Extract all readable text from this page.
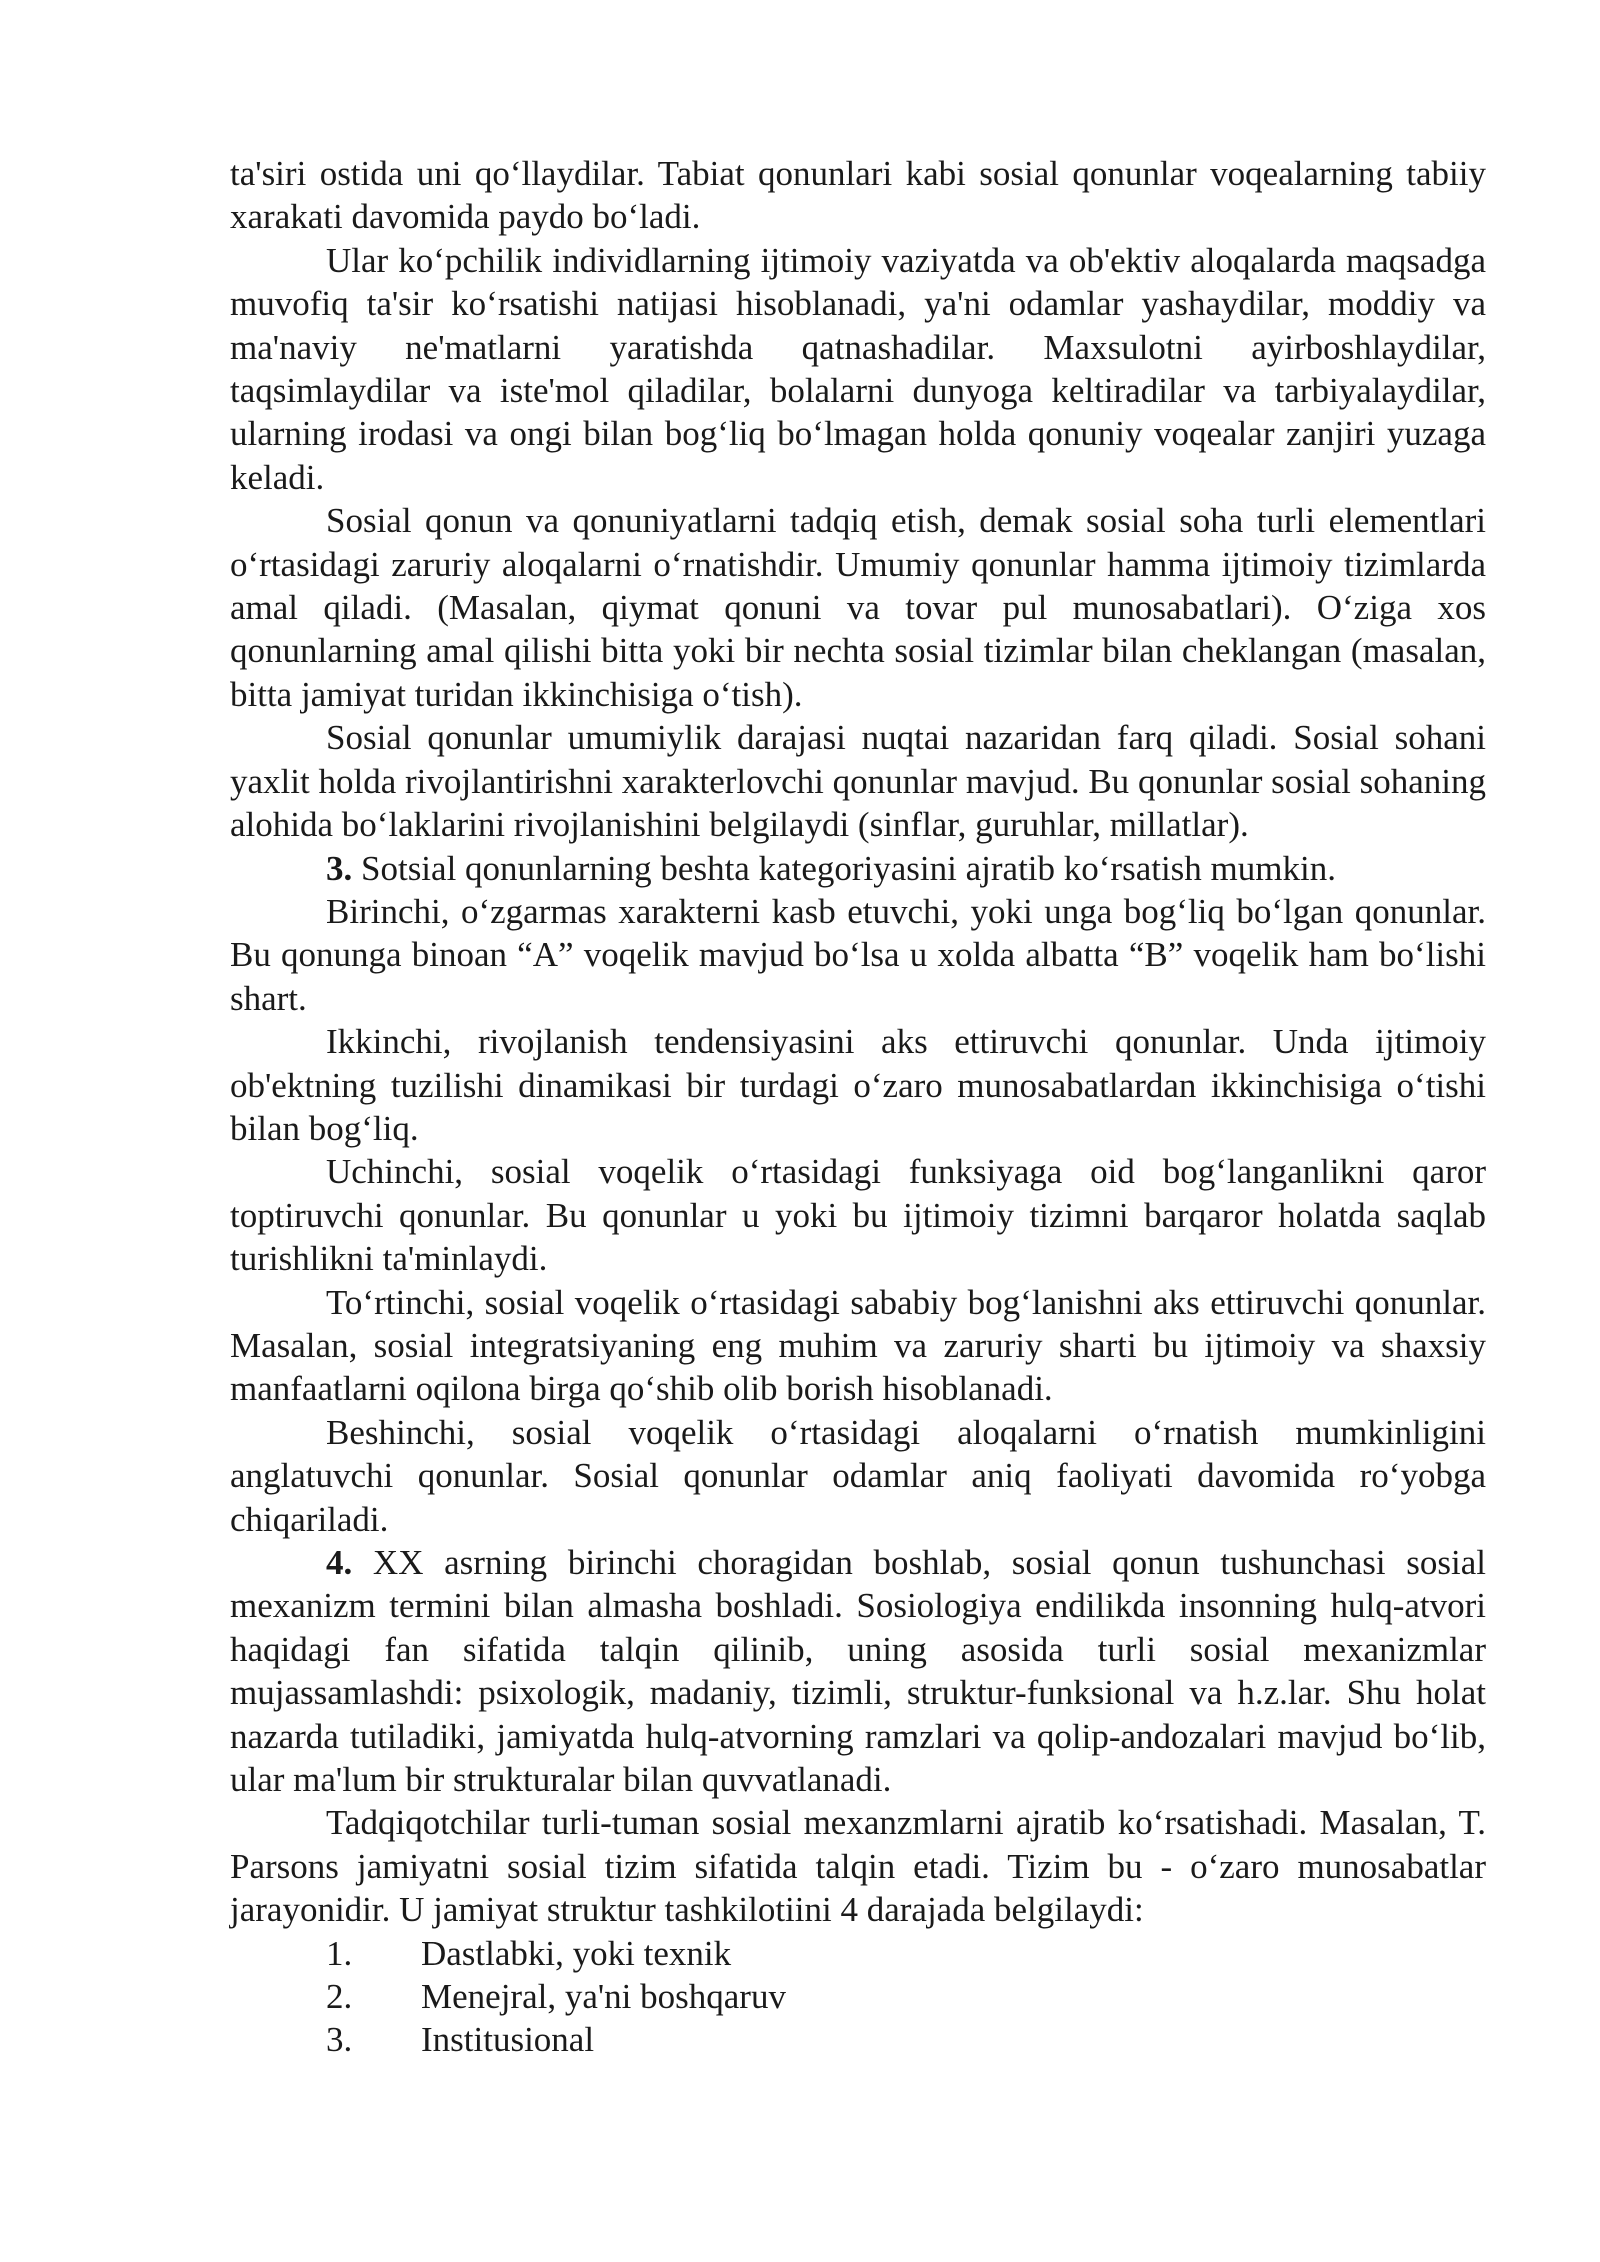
ta'siri ostida uni qo‘llaydilar. Tabiat qonunlari kabi sosial qonunlar voqealarning tabiiy xarakati davomida paydo bo‘ladi.

Ular ko‘pchilik individlarning ijtimoiy vaziyatda va ob'ektiv aloqalarda maqsadga muvofiq ta'sir ko‘rsatishi natijasi hisoblanadi, ya'ni odamlar yashaydilar, moddiy va ma'naviy ne'matlarni yaratishda qatnashadilar. Maxsulotni ayirboshlaydilar, taqsimlaydilar va iste'mol qiladilar, bolalarni dunyoga keltiradilar va tarbiyalaydilar, ularning irodasi va ongi bilan bog‘liq bo‘lmagan holda qonuniy voqealar zanjiri yuzaga keladi.

Sosial qonun va qonuniyatlarni tadqiq etish, demak sosial soha turli elementlari o‘rtasidagi zaruriy aloqalarni o‘rnatishdir. Umumiy qonunlar hamma ijtimoiy tizimlarda amal qiladi. (Masalan, qiymat qonuni va tovar pul munosabatlari). O‘ziga xos qonunlarning amal qilishi bitta yoki bir nechta sosial tizimlar bilan cheklangan (masalan, bitta jamiyat turidan ikkinchisiga o‘tish).

Sosial qonunlar umumiylik darajasi nuqtai nazaridan farq qiladi. Sosial sohani yaxlit holda rivojlantirishni xarakterlovchi qonunlar mavjud. Bu qonunlar sosial sohaning alohida bo‘laklarini rivojlanishini belgilaydi (sinflar, guruhlar, millatlar).

3. Sotsial qonunlarning beshta kategoriyasini ajratib ko‘rsatish mumkin.

Birinchi, o‘zgarmas xarakterni kasb etuvchi, yoki unga bog‘liq bo‘lgan qonunlar. Bu qonunga binoan “A” voqelik mavjud bo‘lsa u xolda albatta “B” voqelik ham bo‘lishi shart.

Ikkinchi, rivojlanish tendensiyasini aks ettiruvchi qonunlar. Unda ijtimoiy ob'ektning tuzilishi dinamikasi bir turdagi o‘zaro munosabatlardan ikkinchisiga o‘tishi bilan bog‘liq.

Uchinchi, sosial voqelik o‘rtasidagi funksiyaga oid bog‘langanlikni qaror toptiruvchi qonunlar. Bu qonunlar u yoki bu ijtimoiy tizimni barqaror holatda saqlab turishlikni ta'minlaydi.

To‘rtinchi, sosial voqelik o‘rtasidagi sababiy bog‘lanishni aks ettiruvchi qonunlar. Masalan, sosial integratsiyaning eng muhim va zaruriy sharti bu ijtimoiy va shaxsiy manfaatlarni oqilona birga qo‘shib olib borish hisoblanadi.

Beshinchi, sosial voqelik o‘rtasidagi aloqalarni o‘rnatish mumkinligini anglatuvchi qonunlar. Sosial qonunlar odamlar aniq faoliyati davomida ro‘yobga chiqariladi.

4. XX asrning birinchi choragidan boshlab, sosial qonun tushunchasi sosial mexanizm termini bilan almasha boshladi. Sosiologiya endilikda insonning hulq-atvori haqidagi fan sifatida talqin qilinib, uning asosida turli sosial mexanizmlar mujassamlashdi: psixologik, madaniy, tizimli, struktur-funksional va h.z.lar. Shu holat nazarda tutiladiki, jamiyatda hulq-atvorning ramzlari va qolip-andozalari mavjud bo‘lib, ular ma'lum bir strukturalar bilan quvvatlanadi.

Tadqiqotchilar turli-tuman sosial mexanzmlarni ajratib ko‘rsatishadi. Masalan, T. Parsons jamiyatni sosial tizim sifatida talqin etadi. Tizim bu - o‘zaro munosabatlar jarayonidir. U jamiyat struktur tashkilotiini 4 darajada belgilaydi:

1. Dastlabki, yoki texnik
2. Menejral, ya'ni boshqaruv
3. Institusional
